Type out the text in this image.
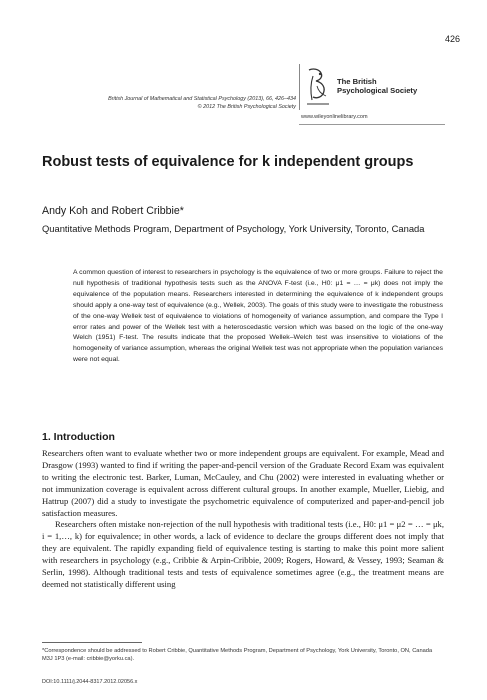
426
British Journal of Mathematical and Statistical Psychology (2013), 66, 426–434
© 2012 The British Psychological Society
The British
Psychological Society
www.wileyonlinelibrary.com
Robust tests of equivalence for k independent groups
Andy Koh and Robert Cribbie*
Quantitative Methods Program, Department of Psychology, York University, Toronto, Canada
A common question of interest to researchers in psychology is the equivalence of two or more groups. Failure to reject the null hypothesis of traditional hypothesis tests such as the ANOVA F-test (i.e., H0: μ1 = … = μk) does not imply the equivalence of the population means. Researchers interested in determining the equivalence of k independent groups should apply a one-way test of equivalence (e.g., Wellek, 2003). The goals of this study were to investigate the robustness of the one-way Wellek test of equivalence to violations of homogeneity of variance assumption, and compare the Type I error rates and power of the Wellek test with a heteroscedastic version which was based on the logic of the one-way Welch (1951) F-test. The results indicate that the proposed Wellek–Welch test was insensitive to violations of the homogeneity of variance assumption, whereas the original Wellek test was not appropriate when the population variances were not equal.
1. Introduction

Researchers often want to evaluate whether two or more independent groups are equivalent. For example, Mead and Drasgow (1993) wanted to find if writing the paper-and-pencil version of the Graduate Record Exam was equivalent to writing the electronic test. Barker, Luman, McCauley, and Chu (2002) were interested in evaluating whether or not immunization coverage is equivalent across different cultural groups. In another example, Mueller, Liebig, and Hattrup (2007) did a study to investigate the psychometric equivalence of computerized and paper-and-pencil job satisfaction measures.

Researchers often mistake non-rejection of the null hypothesis with traditional tests (i.e., H0: μ1 = μ2 = … = μk, i = 1,…, k) for equivalence; in other words, a lack of evidence to declare the groups different does not imply that they are equivalent. The rapidly expanding field of equivalence testing is starting to make this point more salient with researchers in psychology (e.g., Cribbie & Arpin-Cribbie, 2009; Rogers, Howard, & Vessey, 1993; Seaman & Serlin, 1998). Although traditional tests and tests of equivalence sometimes agree (e.g., the treatment means are deemed not statistically different using

*Correspondence should be addressed to Robert Cribbie, Quantitative Methods Program, Department of Psychology, York University, Toronto, ON, Canada M3J 1P3 (e-mail: cribbie@yorku.ca).
DOI:10.1111/j.2044-8317.2012.02056.x
